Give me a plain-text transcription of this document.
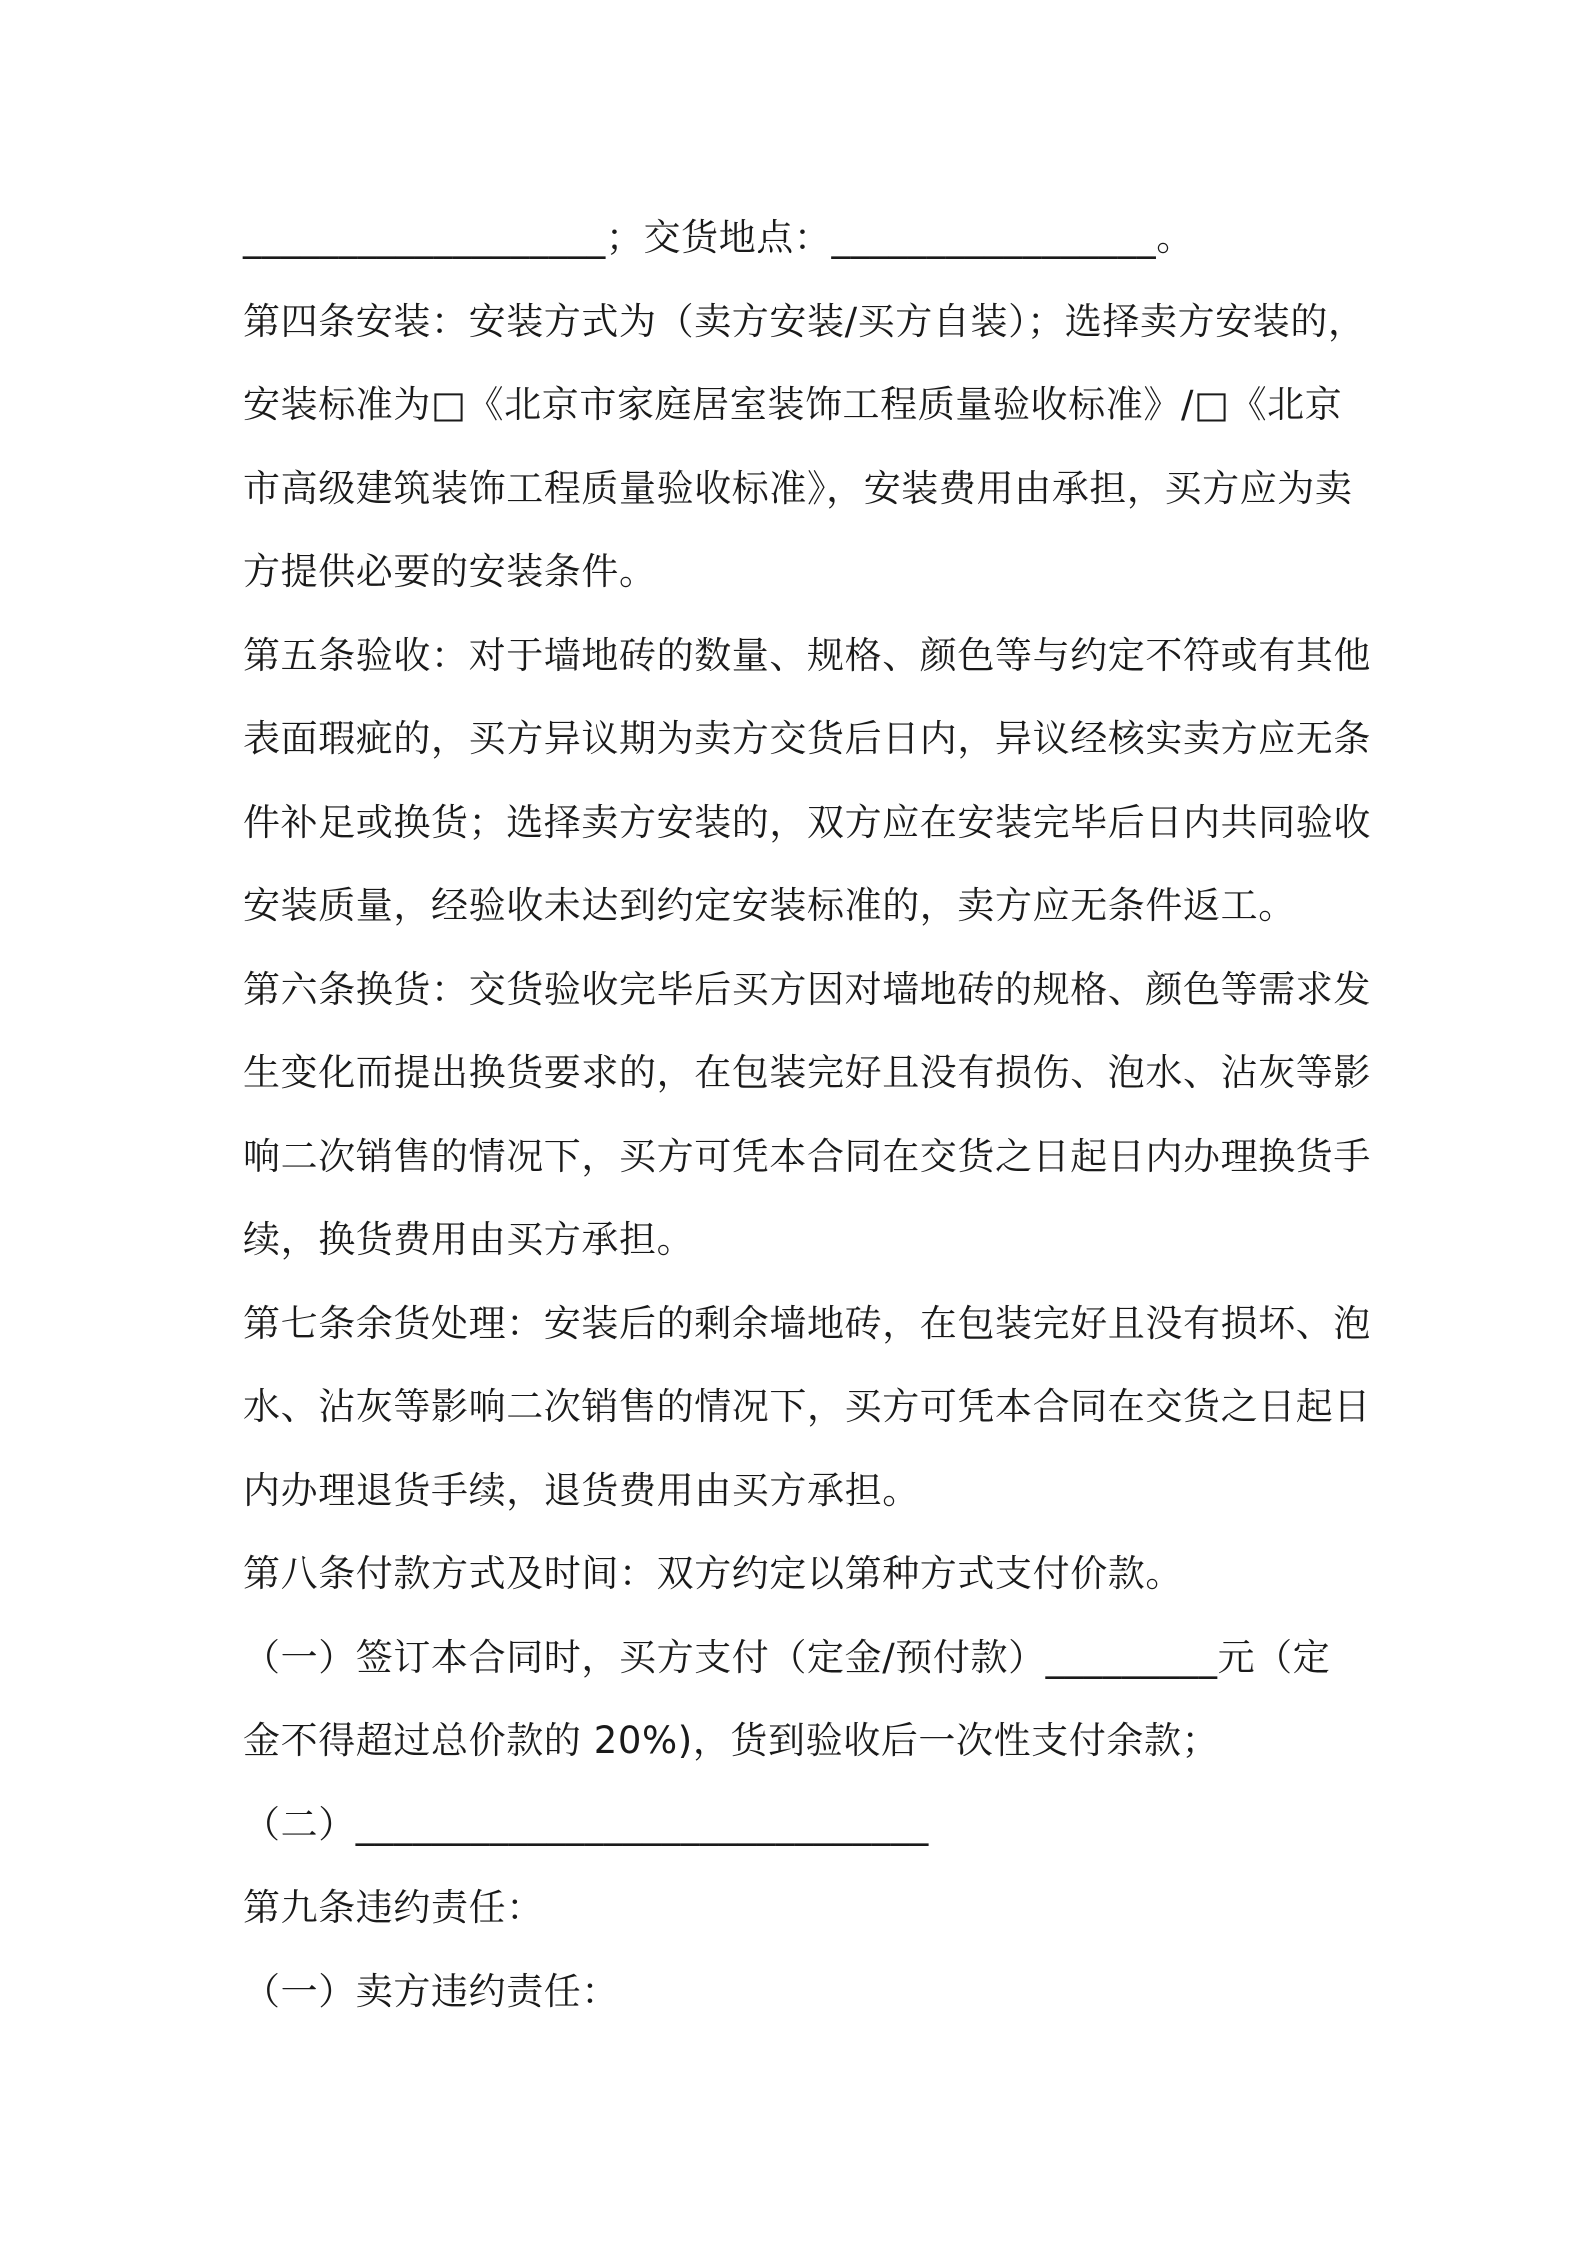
___________________；交货地点：_________________。
第四条安装：安装方式为（卖方安装/买方自装）；选择卖方安装的，
安装标准为□《北京市家庭居室装饰工程质量验收标准》/□《北京
市高级建筑装饰工程质量验收标准》，安装费用由承担，买方应为卖
方提供必要的安装条件。
第五条验收：对于墙地砖的数量、规格、颜色等与约定不符或有其他
表面瑕疵的，买方异议期为卖方交货后日内，异议经核实卖方应无条
件补足或换货；选择卖方安装的，双方应在安装完毕后日内共同验收
安装质量，经验收未达到约定安装标准的，卖方应无条件返工。
第六条换货：交货验收完毕后买方因对墙地砖的规格、颜色等需求发
生变化而提出换货要求的，在包装完好且没有损伤、泡水、沾灰等影
响二次销售的情况下，买方可凭本合同在交货之日起日内办理换货手
续，换货费用由买方承担。
第七条余货处理：安装后的剩余墙地砖，在包装完好且没有损坏、泡
水、沾灰等影响二次销售的情况下，买方可凭本合同在交货之日起日
内办理退货手续，退货费用由买方承担。
第八条付款方式及时间：双方约定以第种方式支付价款。
（一）签订本合同时，买方支付（定金/预付款）_________元（定
金不得超过总价款的 20%)，货到验收后一次性支付余款；
（二）______________________________
第九条违约责任：
（一）卖方违约责任：
